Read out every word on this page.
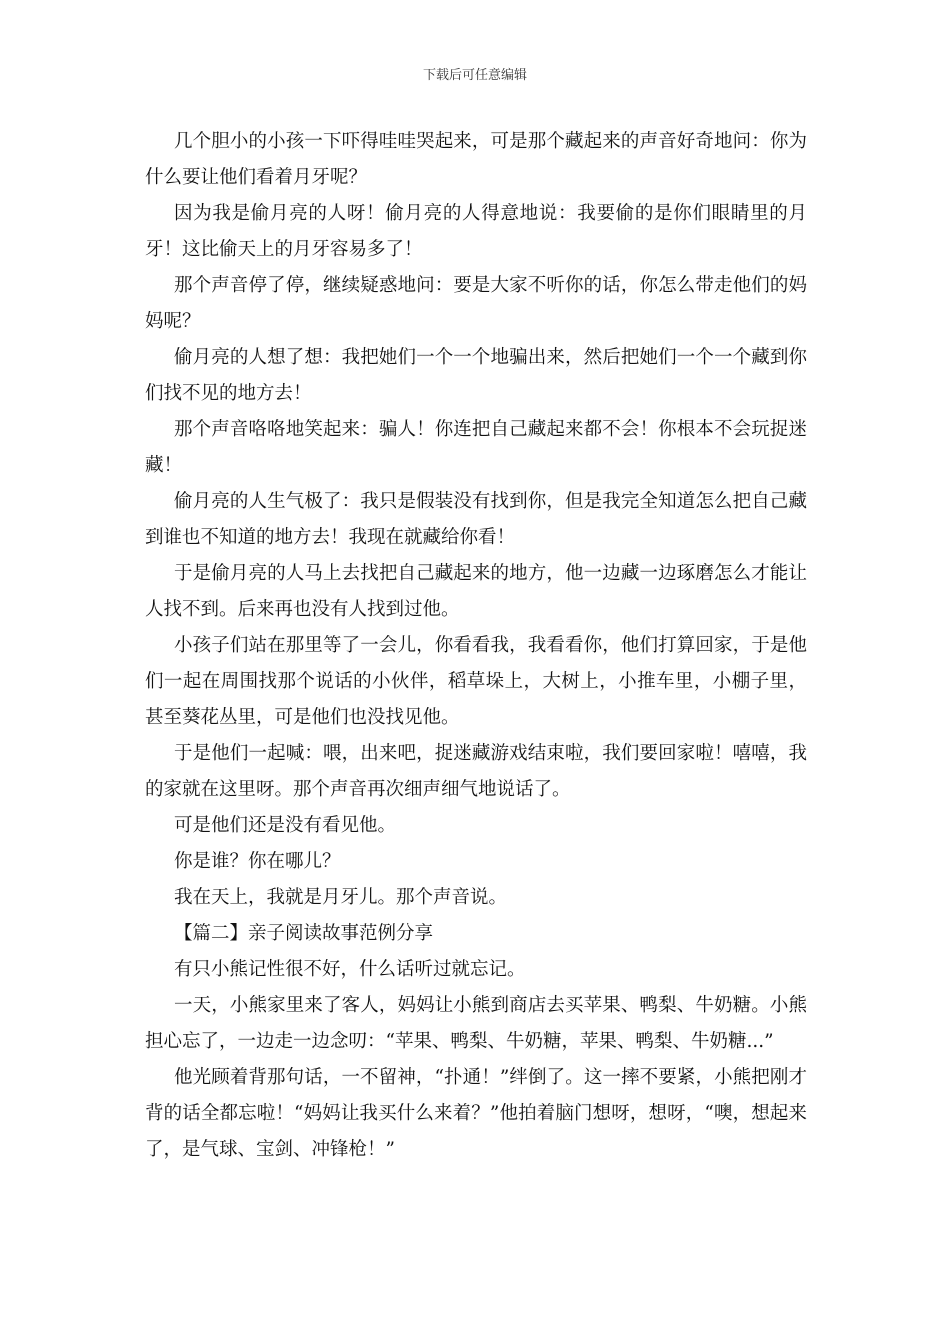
下载后可任意编辑

几个胆小的小孩一下吓得哇哇哭起来，可是那个藏起来的声音好奇地问：你为什么要让他们看着月牙呢？

因为我是偷月亮的人呀！偷月亮的人得意地说：我要偷的是你们眼睛里的月牙！这比偷天上的月牙容易多了！

那个声音停了停，继续疑惑地问：要是大家不听你的话，你怎么带走他们的妈妈呢？

偷月亮的人想了想：我把她们一个一个地骗出来，然后把她们一个一个藏到你们找不见的地方去！

那个声音咯咯地笑起来：骗人！你连把自己藏起来都不会！你根本不会玩捉迷藏！

偷月亮的人生气极了：我只是假装没有找到你，但是我完全知道怎么把自己藏到谁也不知道的地方去！我现在就藏给你看！

于是偷月亮的人马上去找把自己藏起来的地方，他一边藏一边琢磨怎么才能让人找不到。后来再也没有人找到过他。

小孩子们站在那里等了一会儿，你看看我，我看看你，他们打算回家，于是他们一起在周围找那个说话的小伙伴，稻草垛上，大树上，小推车里，小棚子里，甚至葵花丛里，可是他们也没找见他。

于是他们一起喊：喂，出来吧，捉迷藏游戏结束啦，我们要回家啦！嘻嘻，我的家就在这里呀。那个声音再次细声细气地说话了。

可是他们还是没有看见他。

你是谁？你在哪儿？

我在天上，我就是月牙儿。那个声音说。

【篇二】亲子阅读故事范例分享

有只小熊记性很不好，什么话听过就忘记。

一天，小熊家里来了客人，妈妈让小熊到商店去买苹果、鸭梨、牛奶糖。小熊担心忘了，一边走一边念叨：“苹果、鸭梨、牛奶糖，苹果、鸭梨、牛奶糖...”

他光顾着背那句话，一不留神，“扑通！”绊倒了。这一摔不要紧，小熊把刚才背的话全都忘啦！“妈妈让我买什么来着？”他拍着脑门想呀，想呀，“噢，想起来了，是气球、宝剑、冲锋枪！”
